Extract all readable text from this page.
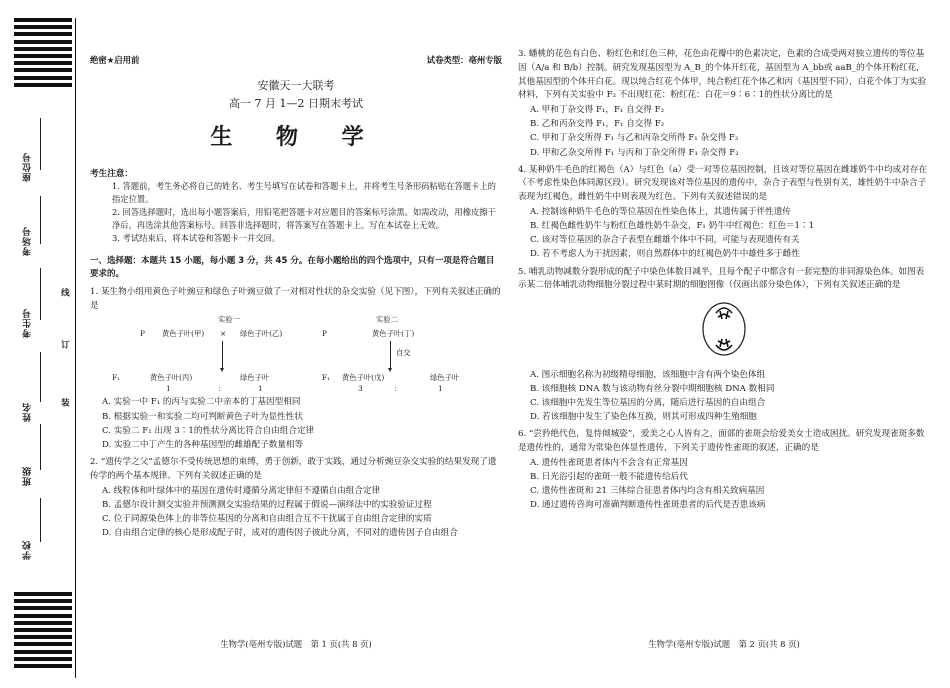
座位号
考场号
考生号
姓名
班级
学校
线
订
装
绝密★启用前	试卷类型：亳州专版
安徽天一大联考
高一 7 月 1—2 日期末考试
生 物 学
考生注意：
1. 答题前，考生务必将自己的姓名、考生号填写在试卷和答题卡上，并将考生号条形码粘贴在答题卡上的指定位置。
2. 回答选择题时，选出每小题答案后，用铅笔把答题卡对应题目的答案标号涂黑。如需改动，用橡皮擦干净后，再选涂其他答案标号。回答非选择题时，将答案写在答题卡上。写在本试卷上无效。
3. 考试结束后，将本试卷和答题卡一并交回。
一、选择题：本题共 15 小题，每小题 3 分，共 45 分。在每小题给出的四个选项中，只有一项是符合题目要求的。
1. 某生物小组用黄色子叶豌豆和绿色子叶豌豆做了一对相对性状的杂交实验（见下图），下列有关叙述正确的是
实验一	实验二
P 黄色子叶(甲) × 绿色子叶(乙)	P	黄色子叶(丁)
自交
F₁	黄色子叶(丙)	绿色子叶	F₁ 黄色子叶(戊)	绿色子叶
1	：	1	3	：	1
A. 实验一中 F₁ 的丙与实验二中亲本的丁基因型相同
B. 根据实验一和实验二均可判断黄色子叶为显性性状
C. 实验二 F₁ 出现 3∶1的性状分离比符合自由组合定律
D. 实验二中丁产生的各种基因型的雌雄配子数量相等
2. “遗传学之父”孟德尔不受传统思想的束缚，勇于创新，敢于实践，通过分析豌豆杂交实验的结果发现了遗传学的两个基本规律。下列有关叙述正确的是
A. 线粒体和叶绿体中的基因在遗传时遵循分离定律但不遵循自由组合定律
B. 孟德尔设计测交实验并预测测交实验结果的过程属于假说—演绎法中的实验验证过程
C. 位于同源染色体上的非等位基因的分离和自由组合互不干扰属于自由组合定律的实质
D. 自由组合定律的核心是形成配子时，成对的遗传因子彼此分离，不同对的遗传因子自由组合
3. 蟠桃的花色有白色、粉红色和红色三种，花色由花瓣中的色素决定，色素的合成受两对独立遗传的等位基因（A/a 和 B/b）控制。研究发现基因型为 A_B_的个体开红花，基因型为 A_bb或 aaB_的个体开粉红花，其他基因型的个体开白花。现以纯合红花个体甲，纯合粉红花个体乙和丙（基因型不同），白花个体丁为实验材料，下列有关实验中 F₂ 不出现红花：粉红花：白花＝9∶6∶1的性状分离比的是
A. 甲和丁杂交得 F₁，F₁ 自交得 F₂
B. 乙和丙杂交得 F₁，F₁ 自交得 F₂
C. 甲和丁杂交所得 F₁ 与乙和丙杂交所得 F₁ 杂交得 F₂
D. 甲和乙杂交所得 F₁ 与丙和丁杂交所得 F₁ 杂交得 F₂
4. 某种奶牛毛色的红褐色（A）与红色（a）受一对等位基因控制，且该对等位基因在雌雄奶牛中均成对存在（不考虑性染色体同源区段）。研究发现该对等位基因的遗传中，杂合子表型与性别有关，雄性奶牛中杂合子表现为红褐色，雌性奶牛中则表现为红色。下列有关叙述错误的是
A. 控制该种奶牛毛色的等位基因在性染色体上，其遗传属于伴性遗传
B. 红褐色雌性奶牛与粉红色雄性奶牛杂交，F₁ 奶牛中红褐色：红色＝1∶1
C. 该对等位基因的杂合子表型在雌雄个体中不同，可能与表现遗传有关
D. 若不考虑人为干扰因素，则自然群体中的红褐色奶牛中雄性多于雌性
5. 哺乳动物减数分裂形成的配子中染色体数目减半，且每个配子中都含有一套完整的非同源染色体。如图表示某二倍体哺乳动物细胞分裂过程中某时期的细胞图像（仅画出部分染色体），下列有关叙述正确的是
A. 图示细胞名称为初级精母细胞，该细胞中含有两个染色体组
B. 该细胞核 DNA 数与该动物有丝分裂中期细胞核 DNA 数相同
C. 该细胞中先发生等位基因的分离，随后进行基因的自由组合
D. 若该细胞中发生了染色体互换，则其可形成四种生殖细胞
6. “尝矜绝代色，复恃倾城姿”，爱美之心人皆有之，面部的雀斑会给爱美女士造成困扰。研究发现雀斑多数是遗传性的，通常为常染色体显性遗传，下列关于遗传性雀斑的叙述，正确的是
A. 遗传性雀斑患者体内不会含有正常基因
B. 日光浴引起的雀斑一般不能遗传给后代
C. 遗传性雀斑和 21 三体综合征患者体内均含有相关致病基因
D. 通过遗传咨询可准确判断遗传性雀斑患者的后代是否患该病
生物学(亳州专版)试题　第 1 页(共 8 页)	生物学(亳州专版)试题　第 2 页(共 8 页)
